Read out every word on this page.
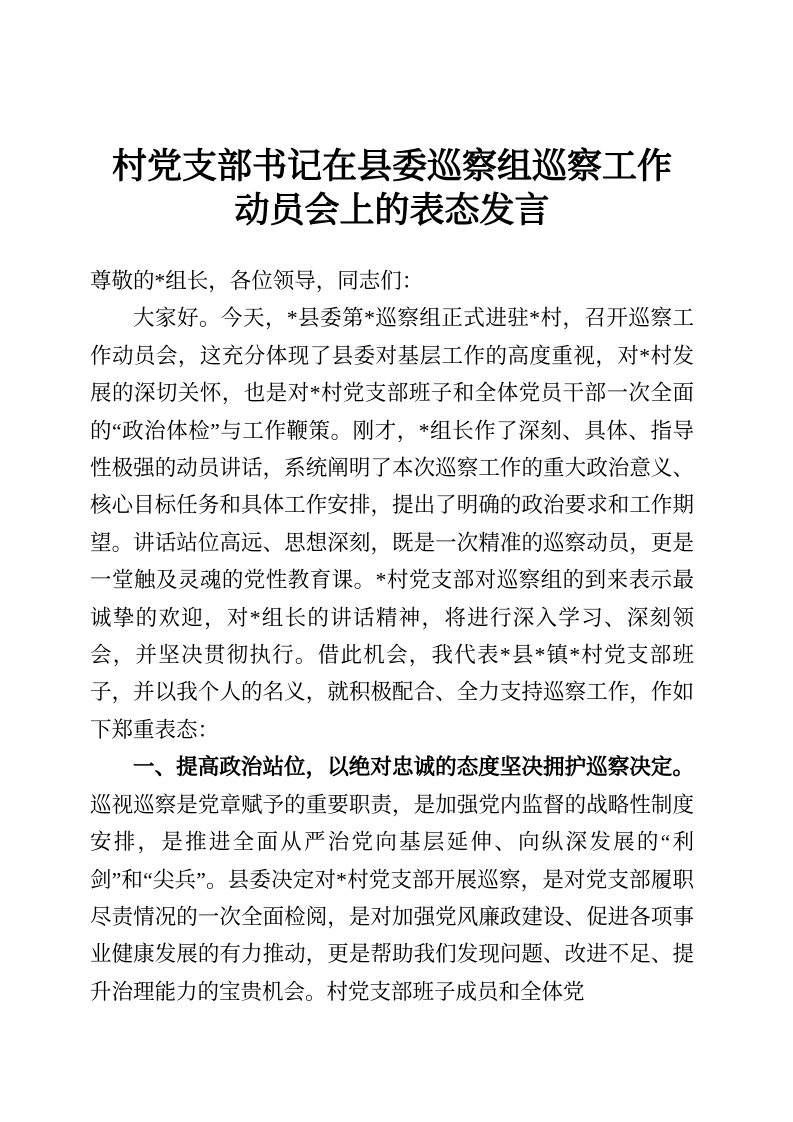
村党支部书记在县委巡察组巡察工作
动员会上的表态发言

尊敬的*组长，各位领导，同志们：

大家好。今天，*县委第*巡察组正式进驻*村，召开巡察工作动员会，这充分体现了县委对基层工作的高度重视，对*村发展的深切关怀，也是对*村党支部班子和全体党员干部一次全面的“政治体检”与工作鞭策。刚才，*组长作了深刻、具体、指导性极强的动员讲话，系统阐明了本次巡察工作的重大政治意义、核心目标任务和具体工作安排，提出了明确的政治要求和工作期望。讲话站位高远、思想深刻，既是一次精准的巡察动员，更是一堂触及灵魂的党性教育课。*村党支部对巡察组的到来表示最诚挚的欢迎，对*组长的讲话精神，将进行深入学习、深刻领会，并坚决贯彻执行。借此机会，我代表*县*镇*村党支部班子，并以我个人的名义，就积极配合、全力支持巡察工作，作如下郑重表态：

一、提高政治站位，以绝对忠诚的态度坚决拥护巡察决定。巡视巡察是党章赋予的重要职责，是加强党内监督的战略性制度安排，是推进全面从严治党向基层延伸、向纵深发展的“利剑”和“尖兵”。县委决定对*村党支部开展巡察，是对党支部履职尽责情况的一次全面检阅，是对加强党风廉政建设、促进各项事业健康发展的有力推动，更是帮助我们发现问题、改进不足、提升治理能力的宝贵机会。村党支部班子成员和全体党
